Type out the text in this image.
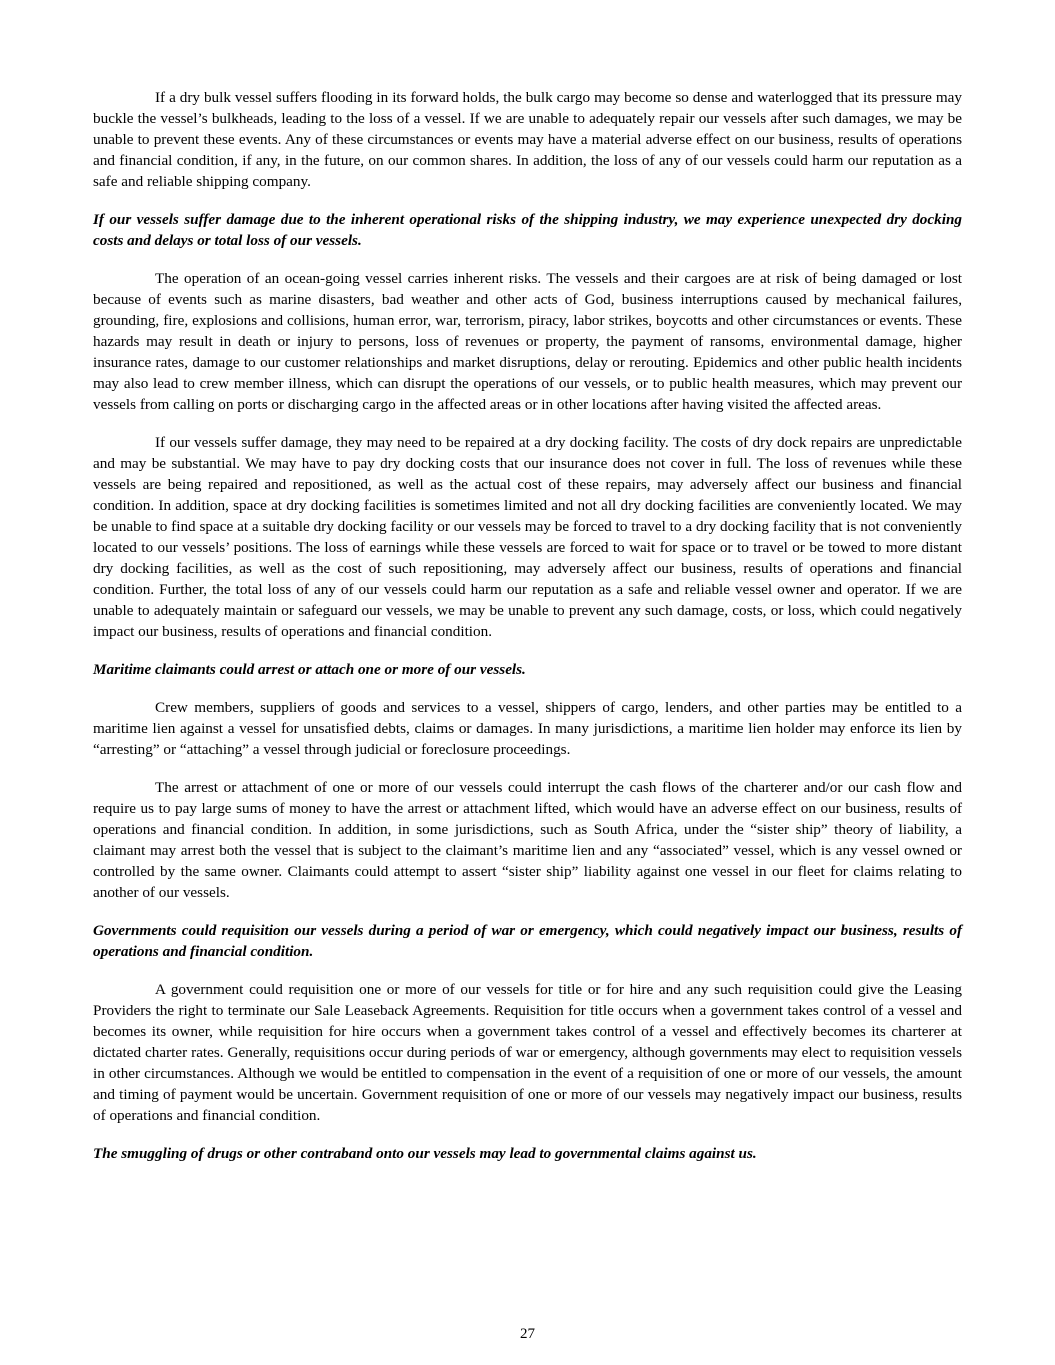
If a dry bulk vessel suffers flooding in its forward holds, the bulk cargo may become so dense and waterlogged that its pressure may buckle the vessel’s bulkheads, leading to the loss of a vessel. If we are unable to adequately repair our vessels after such damages, we may be unable to prevent these events. Any of these circumstances or events may have a material adverse effect on our business, results of operations and financial condition, if any, in the future, on our common shares. In addition, the loss of any of our vessels could harm our reputation as a safe and reliable shipping company.

If our vessels suffer damage due to the inherent operational risks of the shipping industry, we may experience unexpected dry docking costs and delays or total loss of our vessels.

The operation of an ocean-going vessel carries inherent risks. The vessels and their cargoes are at risk of being damaged or lost because of events such as marine disasters, bad weather and other acts of God, business interruptions caused by mechanical failures, grounding, fire, explosions and collisions, human error, war, terrorism, piracy, labor strikes, boycotts and other circumstances or events. These hazards may result in death or injury to persons, loss of revenues or property, the payment of ransoms, environmental damage, higher insurance rates, damage to our customer relationships and market disruptions, delay or rerouting. Epidemics and other public health incidents may also lead to crew member illness, which can disrupt the operations of our vessels, or to public health measures, which may prevent our vessels from calling on ports or discharging cargo in the affected areas or in other locations after having visited the affected areas.

If our vessels suffer damage, they may need to be repaired at a dry docking facility. The costs of dry dock repairs are unpredictable and may be substantial. We may have to pay dry docking costs that our insurance does not cover in full. The loss of revenues while these vessels are being repaired and repositioned, as well as the actual cost of these repairs, may adversely affect our business and financial condition. In addition, space at dry docking facilities is sometimes limited and not all dry docking facilities are conveniently located. We may be unable to find space at a suitable dry docking facility or our vessels may be forced to travel to a dry docking facility that is not conveniently located to our vessels’ positions. The loss of earnings while these vessels are forced to wait for space or to travel or be towed to more distant dry docking facilities, as well as the cost of such repositioning, may adversely affect our business, results of operations and financial condition. Further, the total loss of any of our vessels could harm our reputation as a safe and reliable vessel owner and operator. If we are unable to adequately maintain or safeguard our vessels, we may be unable to prevent any such damage, costs, or loss, which could negatively impact our business, results of operations and financial condition.

Maritime claimants could arrest or attach one or more of our vessels.

Crew members, suppliers of goods and services to a vessel, shippers of cargo, lenders, and other parties may be entitled to a maritime lien against a vessel for unsatisfied debts, claims or damages. In many jurisdictions, a maritime lien holder may enforce its lien by “arresting” or “attaching” a vessel through judicial or foreclosure proceedings.

The arrest or attachment of one or more of our vessels could interrupt the cash flows of the charterer and/or our cash flow and require us to pay large sums of money to have the arrest or attachment lifted, which would have an adverse effect on our business, results of operations and financial condition. In addition, in some jurisdictions, such as South Africa, under the “sister ship” theory of liability, a claimant may arrest both the vessel that is subject to the claimant’s maritime lien and any “associated” vessel, which is any vessel owned or controlled by the same owner. Claimants could attempt to assert “sister ship” liability against one vessel in our fleet for claims relating to another of our vessels.

Governments could requisition our vessels during a period of war or emergency, which could negatively impact our business, results of operations and financial condition.

A government could requisition one or more of our vessels for title or for hire and any such requisition could give the Leasing Providers the right to terminate our Sale Leaseback Agreements. Requisition for title occurs when a government takes control of a vessel and becomes its owner, while requisition for hire occurs when a government takes control of a vessel and effectively becomes its charterer at dictated charter rates. Generally, requisitions occur during periods of war or emergency, although governments may elect to requisition vessels in other circumstances. Although we would be entitled to compensation in the event of a requisition of one or more of our vessels, the amount and timing of payment would be uncertain. Government requisition of one or more of our vessels may negatively impact our business, results of operations and financial condition.

The smuggling of drugs or other contraband onto our vessels may lead to governmental claims against us.

27
